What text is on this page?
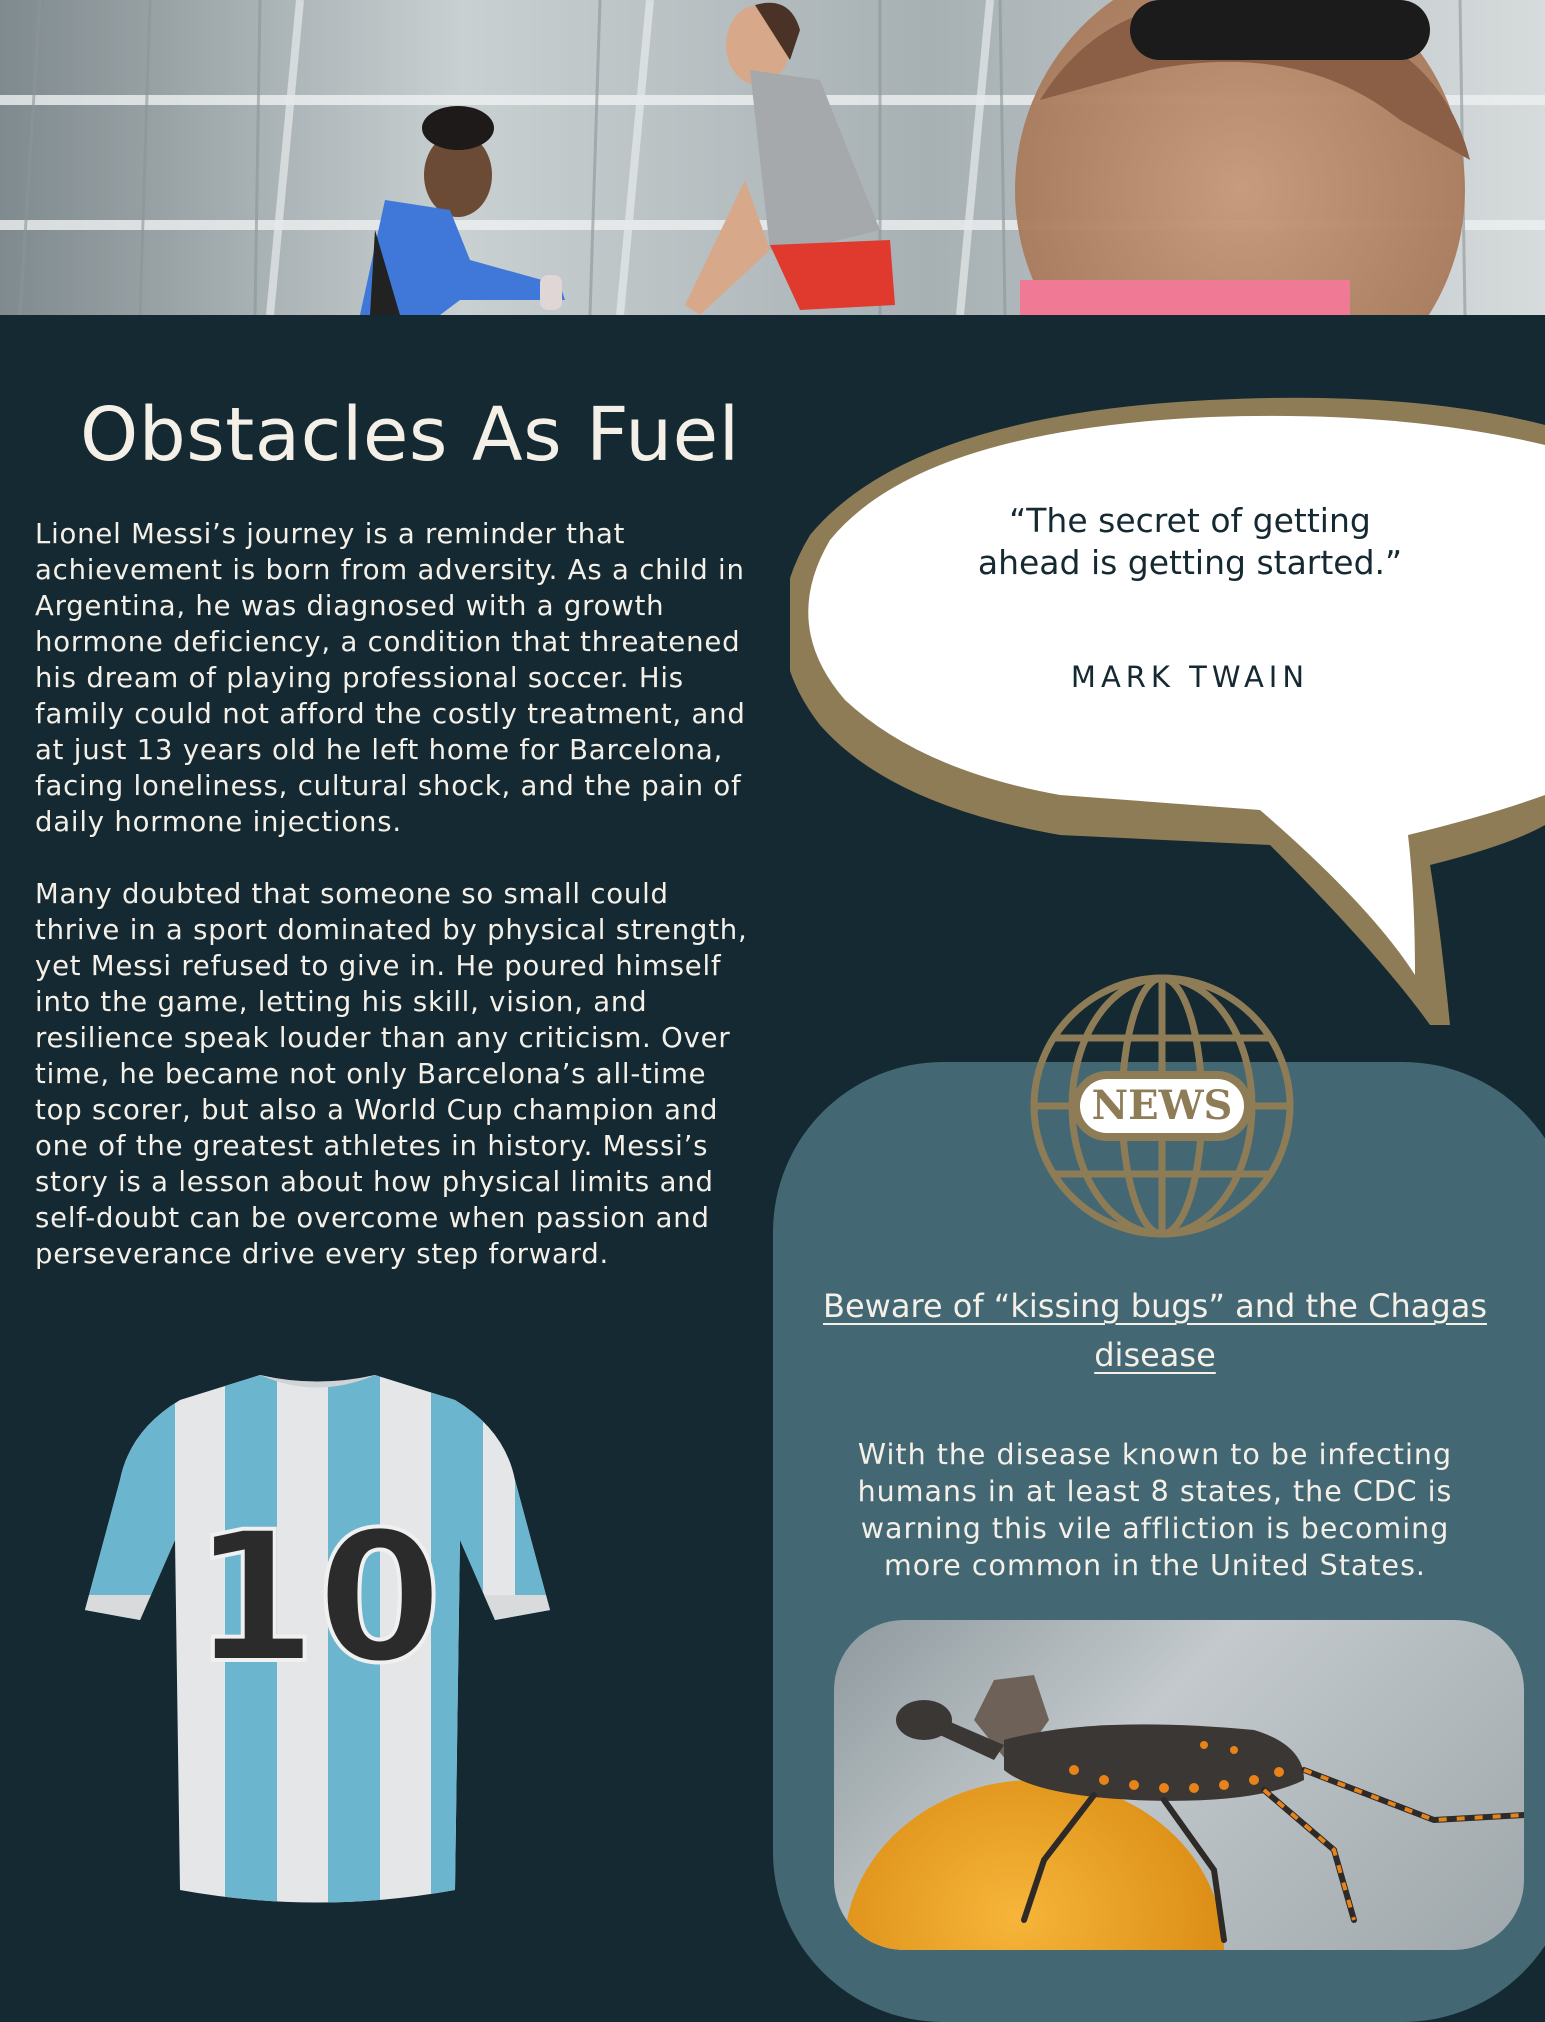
Obstacles As Fuel

Lionel Messi’s journey is a reminder that achievement is born from adversity. As a child in Argentina, he was diagnosed with a growth hormone deficiency, a condition that threatened his dream of playing professional soccer. His family could not afford the costly treatment, and at just 13 years old he left home for Barcelona, facing loneliness, cultural shock, and the pain of daily hormone injections.

Many doubted that someone so small could thrive in a sport dominated by physical strength, yet Messi refused to give in. He poured himself into the game, letting his skill, vision, and resilience speak louder than any criticism. Over time, he became not only Barcelona’s all-time top scorer, but also a World Cup champion and one of the greatest athletes in history. Messi’s story is a lesson about how physical limits and self-doubt can be overcome when passion and perseverance drive every step forward.

“The secret of getting
ahead is getting started.”
MARK TWAIN
NEWS
Beware of “kissing bugs” and the Chagas disease
With the disease known to be infecting humans in at least 8 states, the CDC is warning this vile affliction is becoming more common in the United States.
10
